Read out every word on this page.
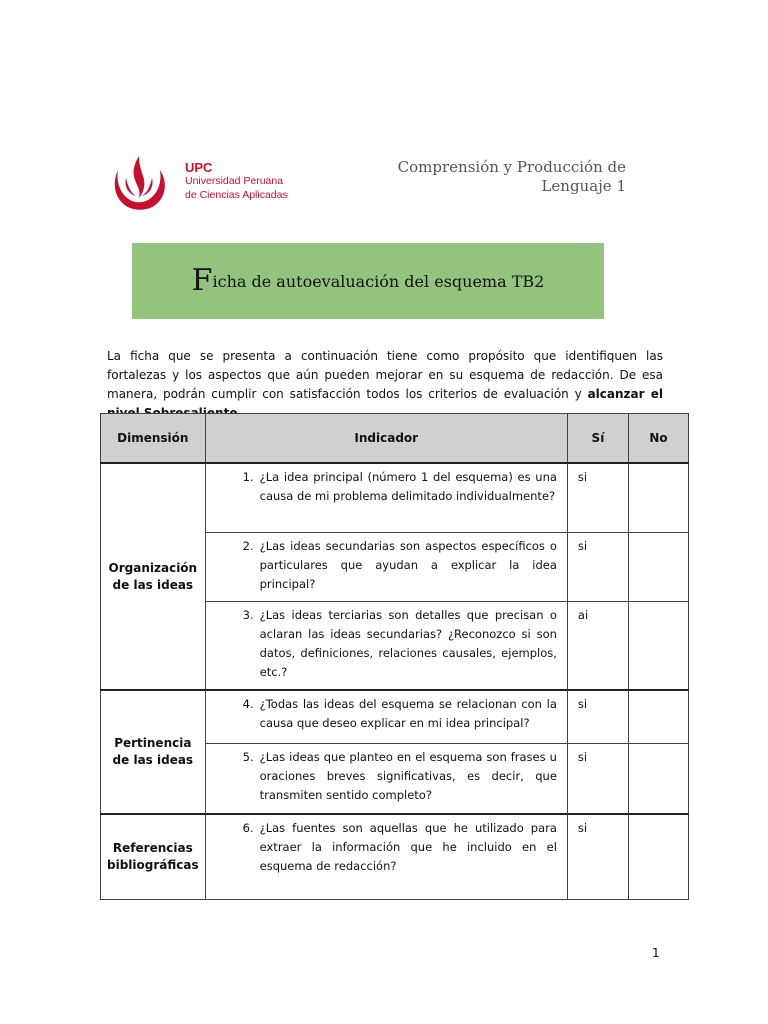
UPC
Universidad Peruana
de Ciencias Aplicadas
Comprensión y Producción de
Lenguaje 1
F icha de autoevaluación del esquema TB2
La ficha que se presenta a continuación tiene como propósito que identifiquen las fortalezas y los aspectos que aún pueden mejorar en su esquema de redacción. De esa manera, podrán cumplir con satisfacción todos los criterios de evaluación y alcanzar el
Dimensión	Indicador	Sí	No
Organización de las ideas	1. ¿La idea principal (número 1 del esquema) es una causa de mi problema delimitado individualmente?	si	

	2. ¿Las ideas secundarias son aspectos específicos o particulares que ayudan a explicar la idea principal?	si	

	3. ¿Las ideas terciarias son detalles que precisan o aclaran las ideas secundarias? ¿Reconozco si son datos, definiciones, relaciones causales, ejemplos, etc.?	ai	
Pertinencia de las ideas	4. ¿Todas las ideas del esquema se relacionan con la causa que deseo explicar en mi idea principal?	si	

	5. ¿Las ideas que planteo en el esquema son frases u oraciones breves significativas, es decir, que transmiten sentido completo?	si	
Referencias bibliográficas	6. ¿Las fuentes son aquellas que he utilizado para extraer la información que he incluido en el esquema de redacción?	si	
1
